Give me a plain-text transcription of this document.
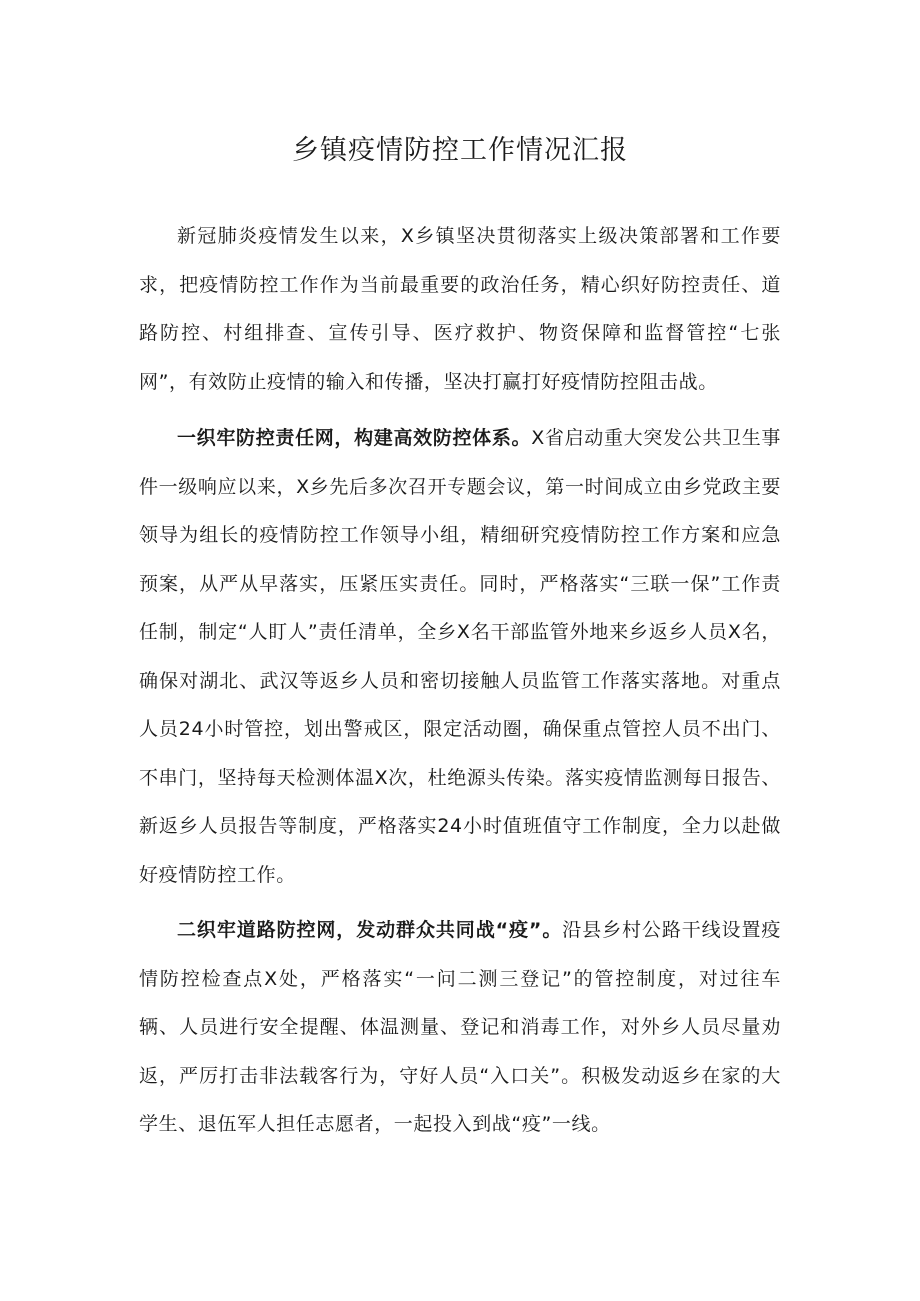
乡镇疫情防控工作情况汇报

新冠肺炎疫情发生以来，X乡镇坚决贯彻落实上级决策部署和工作要求，把疫情防控工作作为当前最重要的政治任务，精心织好防控责任、道路防控、村组排查、宣传引导、医疗救护、物资保障和监督管控“七张网”，有效防止疫情的输入和传播，坚决打赢打好疫情防控阻击战。

一织牢防控责任网，构建高效防控体系。X省启动重大突发公共卫生事件一级响应以来，X乡先后多次召开专题会议，第一时间成立由乡党政主要领导为组长的疫情防控工作领导小组，精细研究疫情防控工作方案和应急预案，从严从早落实，压紧压实责任。同时，严格落实“三联一保”工作责任制，制定“人盯人”责任清单，全乡X名干部监管外地来乡返乡人员X名，确保对湖北、武汉等返乡人员和密切接触人员监管工作落实落地。对重点人员24小时管控，划出警戒区，限定活动圈，确保重点管控人员不出门、不串门，坚持每天检测体温X次，杜绝源头传染。落实疫情监测每日报告、新返乡人员报告等制度，严格落实24小时值班值守工作制度，全力以赴做好疫情防控工作。

二织牢道路防控网，发动群众共同战“疫”。沿县乡村公路干线设置疫情防控检查点X处，严格落实“一问二测三登记”的管控制度，对过往车辆、人员进行安全提醒、体温测量、登记和消毒工作，对外乡人员尽量劝返，严厉打击非法载客行为，守好人员“入口关”。积极发动返乡在家的大学生、退伍军人担任志愿者，一起投入到战“疫”一线。
